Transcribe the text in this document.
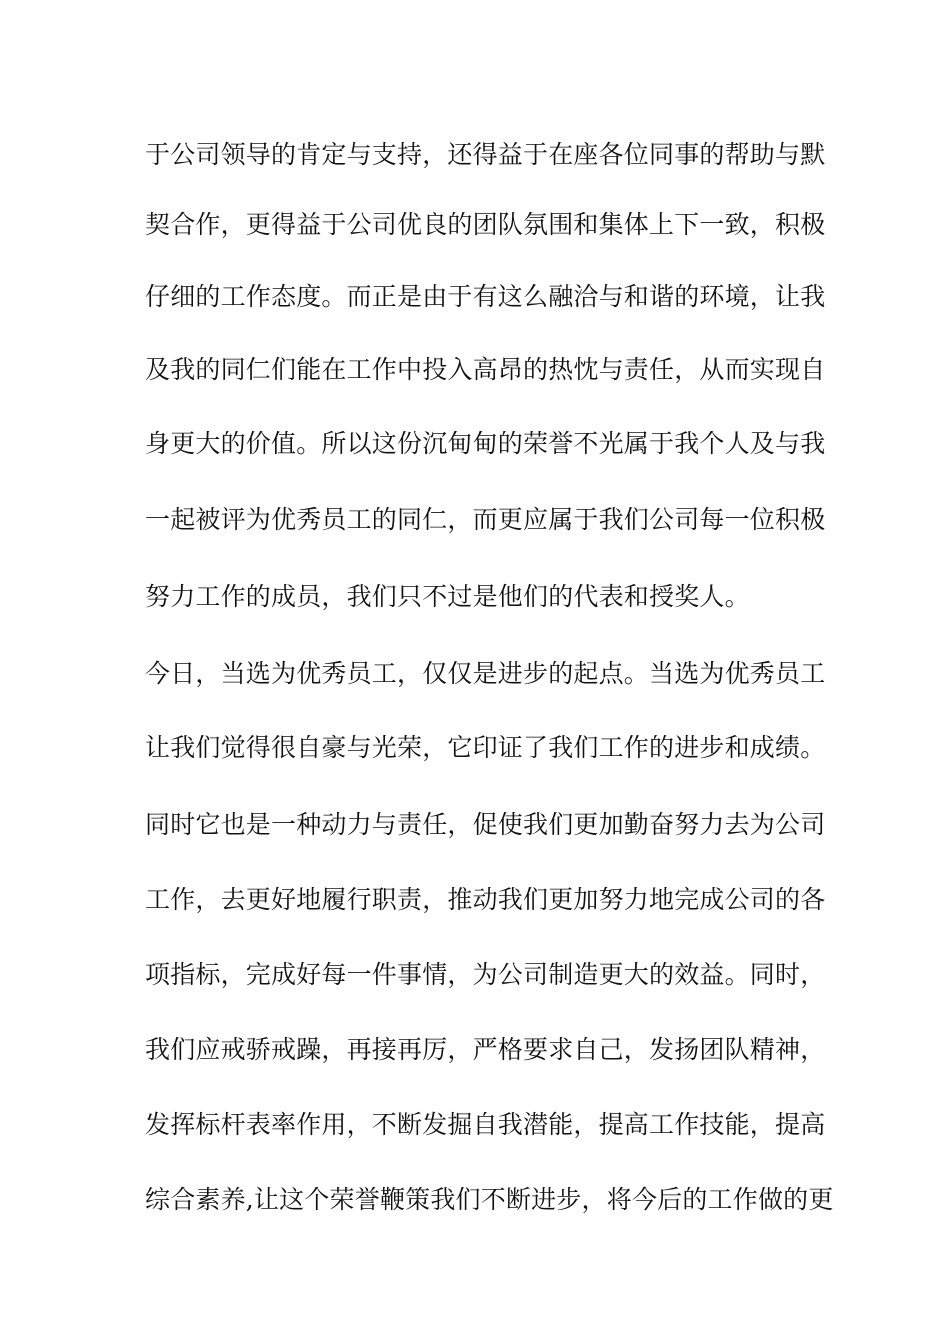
于公司领导的肯定与支持，还得益于在座各位同事的帮助与默
契合作，更得益于公司优良的团队氛围和集体上下一致，积极
仔细的工作态度。而正是由于有这么融洽与和谐的环境，让我
及我的同仁们能在工作中投入高昂的热忱与责任，从而实现自
身更大的价值。所以这份沉甸甸的荣誉不光属于我个人及与我
一起被评为优秀员工的同仁，而更应属于我们公司每一位积极
努力工作的成员，我们只不过是他们的代表和授奖人。
今日，当选为优秀员工，仅仅是进步的起点。当选为优秀员工
让我们觉得很自豪与光荣，它印证了我们工作的进步和成绩。
同时它也是一种动力与责任，促使我们更加勤奋努力去为公司
工作，去更好地履行职责，推动我们更加努力地完成公司的各
项指标，完成好每一件事情，为公司制造更大的效益。同时，
我们应戒骄戒躁，再接再厉，严格要求自己，发扬团队精神，
发挥标杆表率作用，不断发掘自我潜能，提高工作技能，提高
综合素养,让这个荣誉鞭策我们不断进步，将今后的工作做的更
